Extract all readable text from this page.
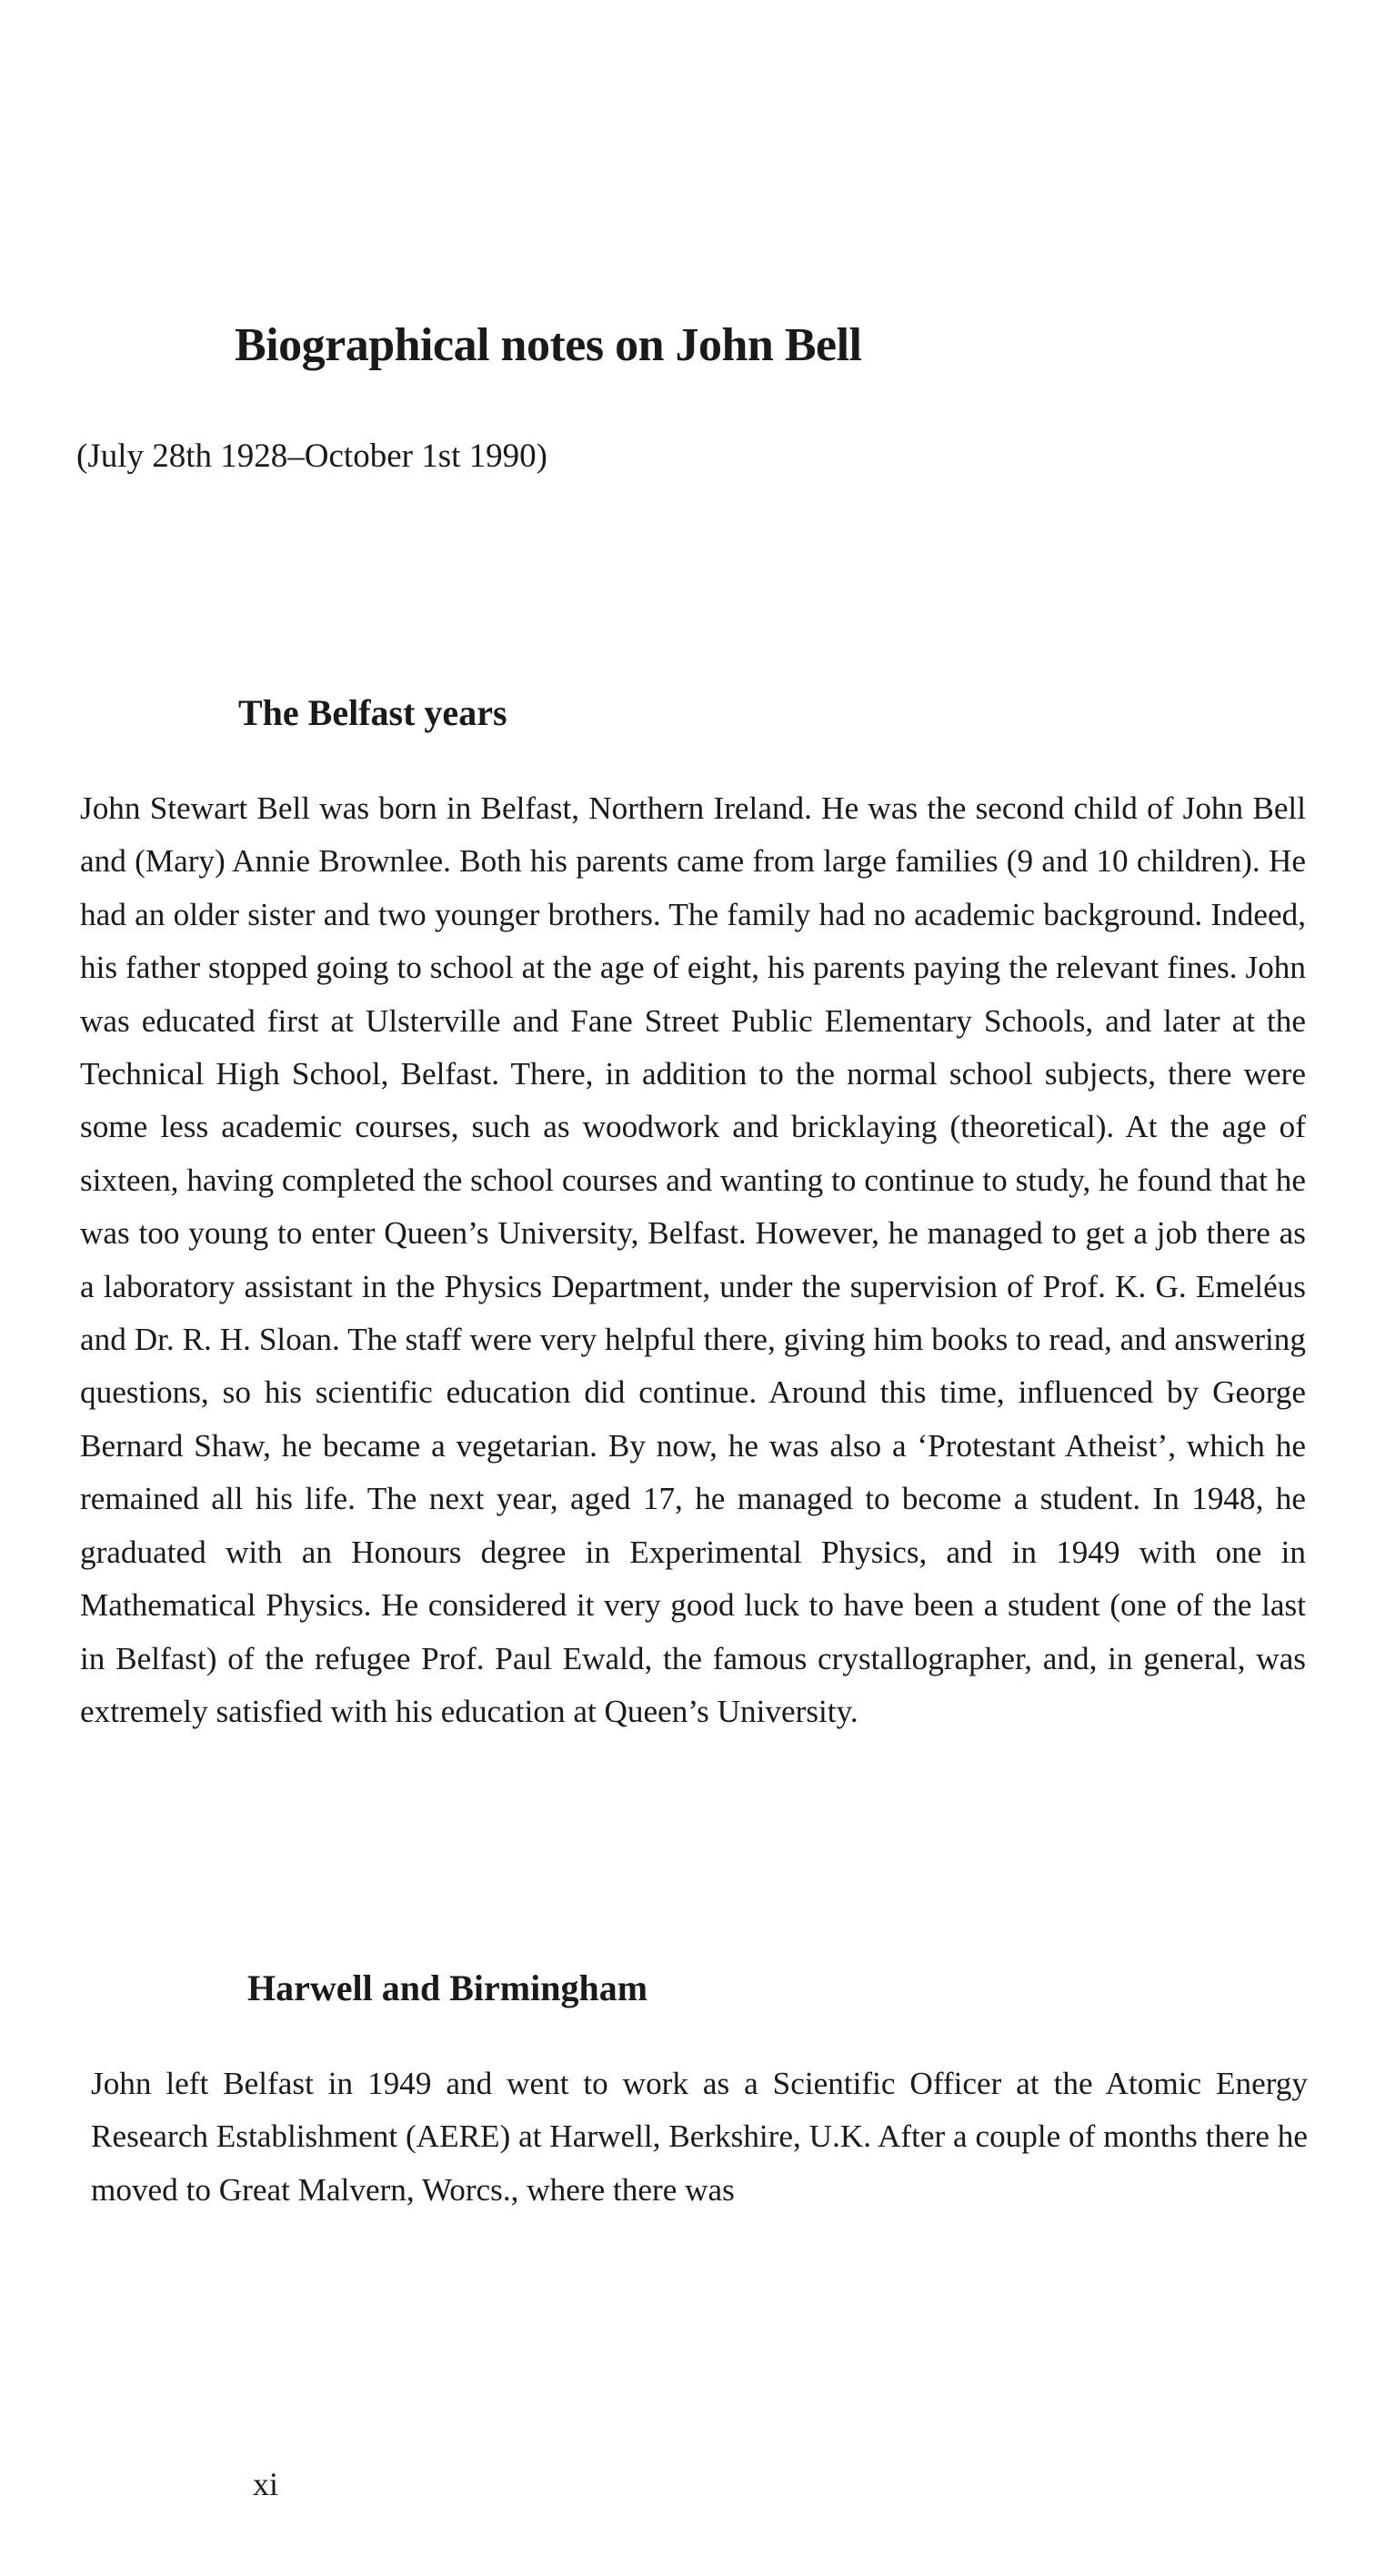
Biographical notes on John Bell

(July 28th 1928–October 1st 1990)

The Belfast years

John Stewart Bell was born in Belfast, Northern Ireland. He was the second child of John Bell and (Mary) Annie Brownlee. Both his parents came from large families (9 and 10 children). He had an older sister and two younger brothers. The family had no academic background. Indeed, his father stopped going to school at the age of eight, his parents paying the relevant fines. John was educated first at Ulsterville and Fane Street Public Elementary Schools, and later at the Technical High School, Belfast. There, in addition to the normal school subjects, there were some less academic courses, such as woodwork and bricklaying (theoretical). At the age of sixteen, having completed the school courses and wanting to continue to study, he found that he was too young to enter Queen’s University, Belfast. However, he managed to get a job there as a laboratory assistant in the Physics Department, under the supervision of Prof. K. G. Emeléus and Dr. R. H. Sloan. The staff were very helpful there, giving him books to read, and answering questions, so his scientific education did continue. Around this time, influenced by George Bernard Shaw, he became a vegetarian. By now, he was also a ‘Protestant Atheist’, which he remained all his life. The next year, aged 17, he managed to become a student. In 1948, he graduated with an Honours degree in Experimental Physics, and in 1949 with one in Mathematical Physics. He considered it very good luck to have been a student (one of the last in Belfast) of the refugee Prof. Paul Ewald, the famous crystallographer, and, in general, was extremely satisfied with his education at Queen’s University.

Harwell and Birmingham

John left Belfast in 1949 and went to work as a Scientific Officer at the Atomic Energy Research Establishment (AERE) at Harwell, Berkshire, U.K. After a couple of months there he moved to Great Malvern, Worcs., where there was

xi
